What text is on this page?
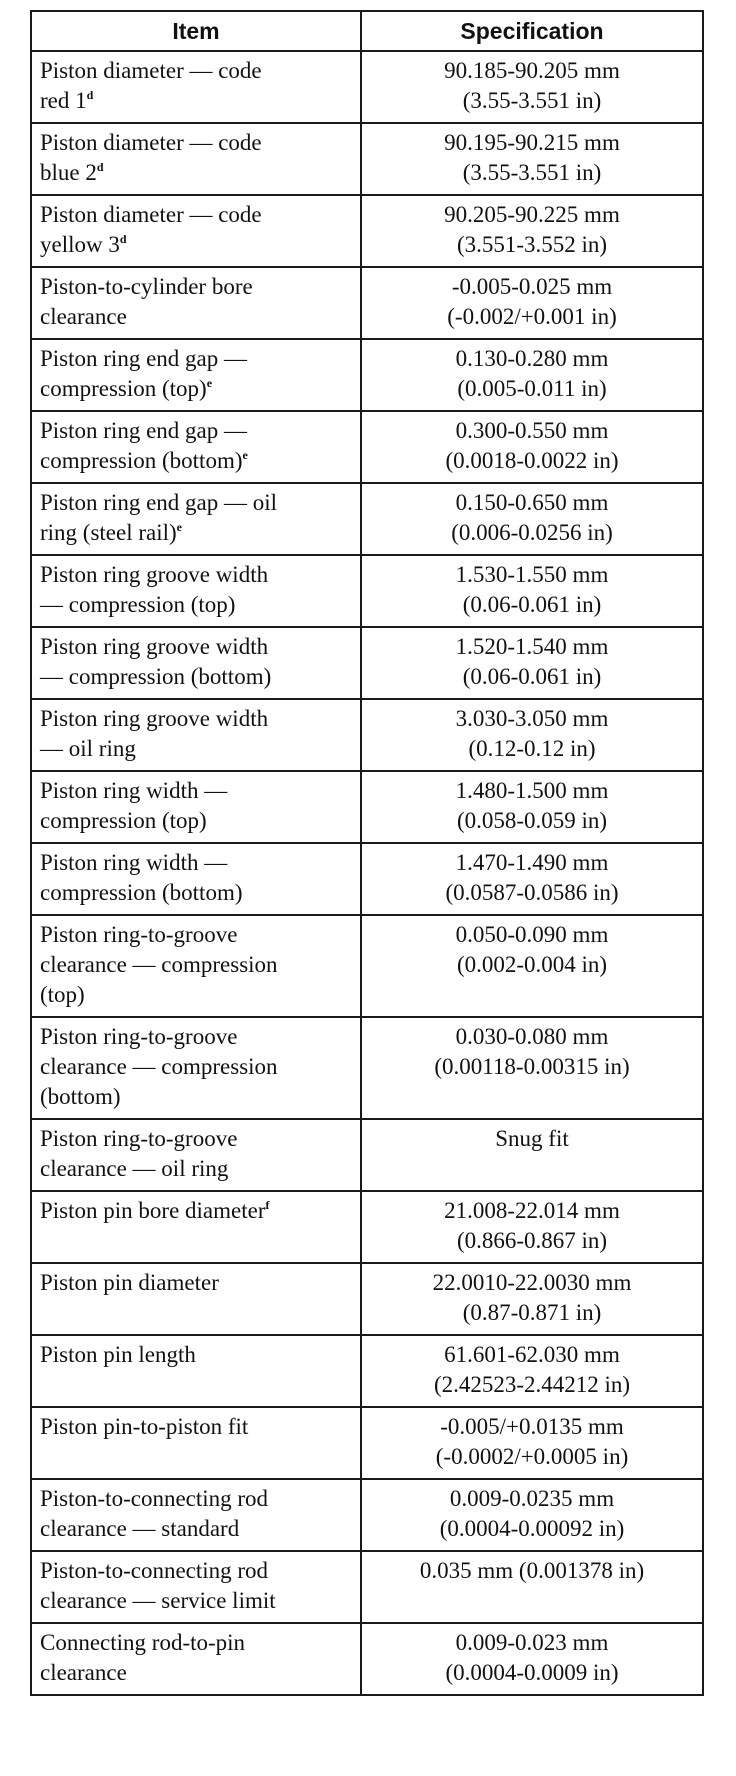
Item	Specification

Piston diameter — code
red 1$^d$	90.185-90.205 mm
(3.55-3.551 in)

Piston diameter — code
blue 2$^d$	90.195-90.215 mm
(3.55-3.551 in)

Piston diameter — code
yellow 3$^d$	90.205-90.225 mm
(3.551-3.552 in)

Piston-to-cylinder bore
clearance	-0.005-0.025 mm
(-0.002/+0.001 in)

Piston ring end gap —
compression (top)$^e$	0.130-0.280 mm
(0.005-0.011 in)

Piston ring end gap —
compression (bottom)$^e$	0.300-0.550 mm
(0.0018-0.0022 in)

Piston ring end gap — oil
ring (steel rail)$^e$	0.150-0.650 mm
(0.006-0.0256 in)

Piston ring groove width
— compression (top)	1.530-1.550 mm
(0.06-0.061 in)

Piston ring groove width
— compression (bottom)	1.520-1.540 mm
(0.06-0.061 in)

Piston ring groove width
— oil ring	3.030-3.050 mm
(0.12-0.12 in)

Piston ring width —
compression (top)	1.480-1.500 mm
(0.058-0.059 in)

Piston ring width —
compression (bottom)	1.470-1.490 mm
(0.0587-0.0586 in)

Piston ring-to-groove
clearance — compression
(top)	0.050-0.090 mm
(0.002-0.004 in)

Piston ring-to-groove
clearance — compression
(bottom)	0.030-0.080 mm
(0.00118-0.00315 in)

Piston ring-to-groove
clearance — oil ring	Snug fit

Piston pin bore diameter$^f$	21.008-22.014 mm
(0.866-0.867 in)

Piston pin diameter	22.0010-22.0030 mm
(0.87-0.871 in)

Piston pin length	61.601-62.030 mm
(2.42523-2.44212 in)

Piston pin-to-piston fit	-0.005/+0.0135 mm
(-0.0002/+0.0005 in)

Piston-to-connecting rod
clearance — standard	0.009-0.0235 mm
(0.0004-0.00092 in)

Piston-to-connecting rod
clearance — service limit	0.035 mm (0.001378 in)

Connecting rod-to-pin
clearance	0.009-0.023 mm
(0.0004-0.0009 in)
